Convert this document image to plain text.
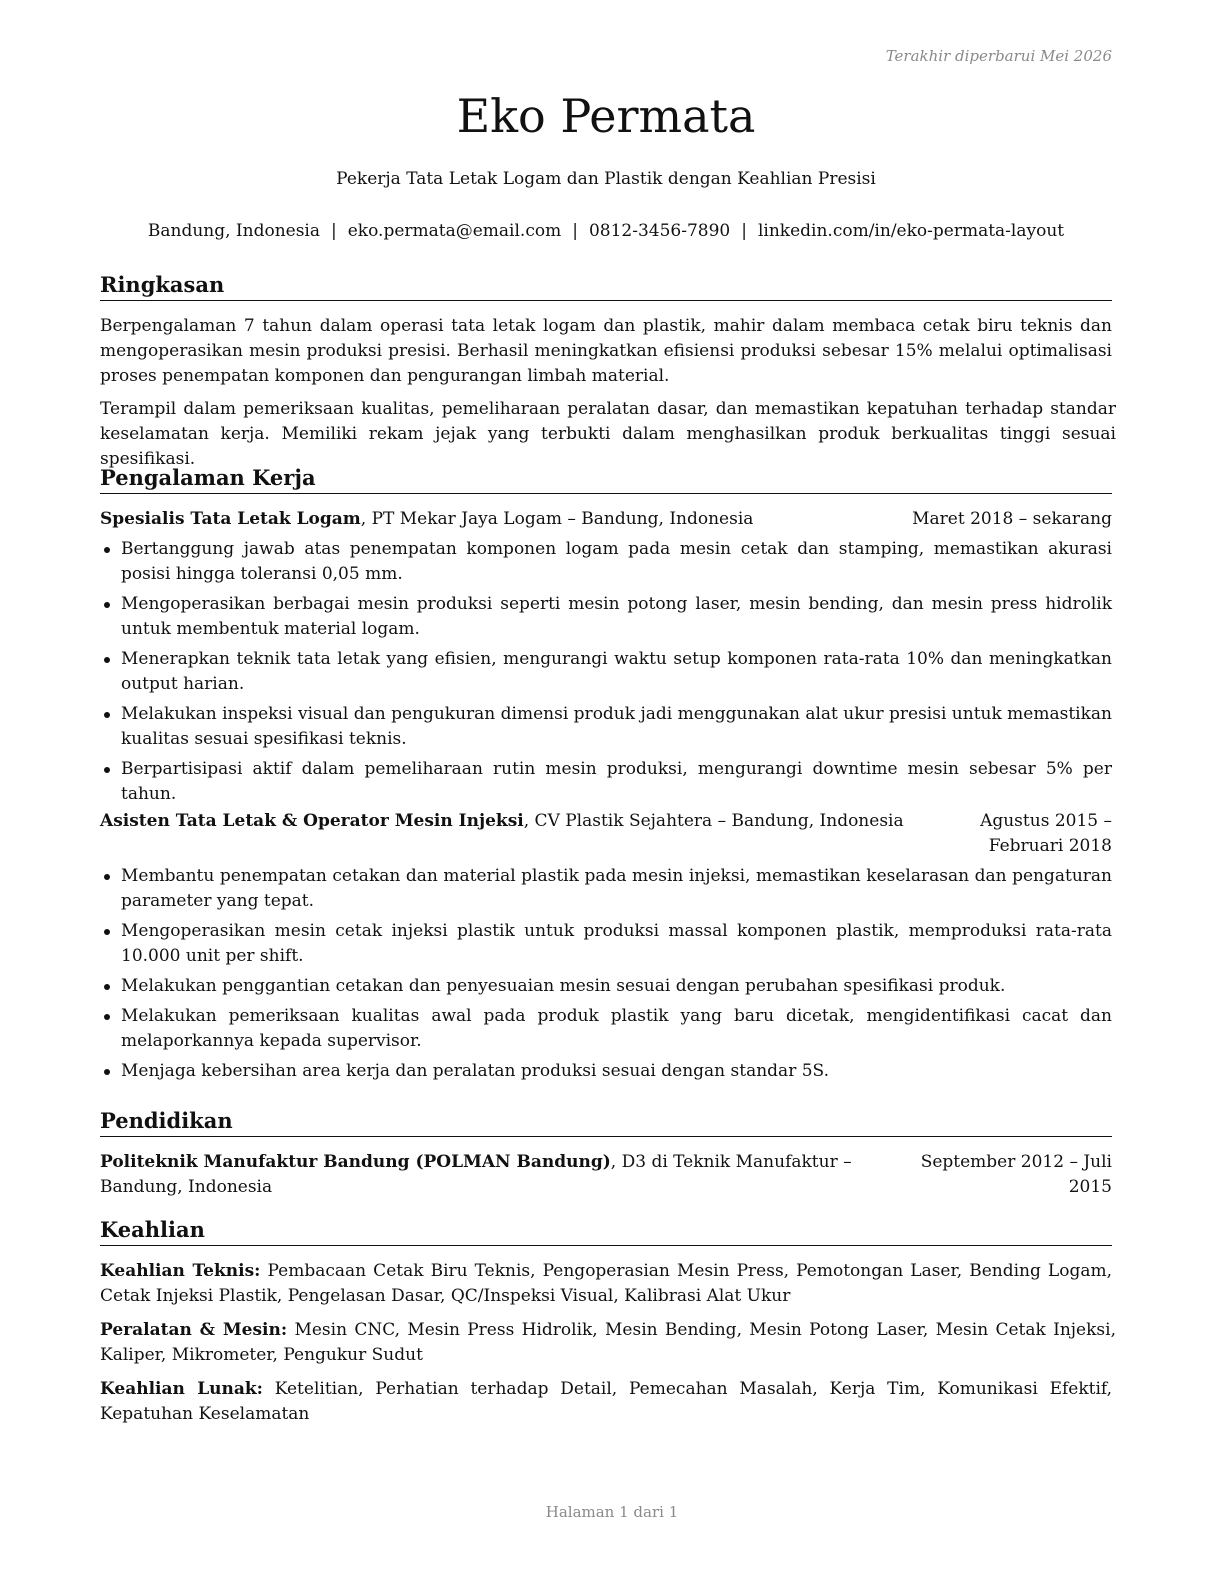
Terakhir diperbarui Mei 2026
Eko Permata
Pekerja Tata Letak Logam dan Plastik dengan Keahlian Presisi
Bandung, Indonesia | eko.permata@email.com | 0812-3456-7890 | linkedin.com/in/eko-permata-layout
Ringkasan

Berpengalaman 7 tahun dalam operasi tata letak logam dan plastik, mahir dalam membaca cetak biru teknis dan mengoperasikan mesin produksi presisi. Berhasil meningkatkan efisiensi produksi sebesar 15% melalui optimalisasi proses penempatan komponen dan pengurangan limbah material.

Terampil dalam pemeriksaan kualitas, pemeliharaan peralatan dasar, dan memastikan kepatuhan terhadap standar keselamatan kerja. Memiliki rekam jejak yang terbukti dalam menghasilkan produk berkualitas tinggi sesuai spesifikasi.

Pengalaman Kerja
Spesialis Tata Letak Logam, PT Mekar Jaya Logam – Bandung, Indonesia	Maret 2018 – sekarang
Bertanggung jawab atas penempatan komponen logam pada mesin cetak dan stamping, memastikan akurasi posisi hingga toleransi 0,05 mm.
Mengoperasikan berbagai mesin produksi seperti mesin potong laser, mesin bending, dan mesin press hidrolik untuk membentuk material logam.
Menerapkan teknik tata letak yang efisien, mengurangi waktu setup komponen rata-rata 10% dan meningkatkan output harian.
Melakukan inspeksi visual dan pengukuran dimensi produk jadi menggunakan alat ukur presisi untuk memastikan kualitas sesuai spesifikasi teknis.
Berpartisipasi aktif dalam pemeliharaan rutin mesin produksi, mengurangi downtime mesin sebesar 5% per tahun.
Asisten Tata Letak & Operator Mesin Injeksi, CV Plastik Sejahtera – Bandung, Indonesia	Agustus 2015 – Februari 2018
Membantu penempatan cetakan dan material plastik pada mesin injeksi, memastikan keselarasan dan pengaturan parameter yang tepat.
Mengoperasikan mesin cetak injeksi plastik untuk produksi massal komponen plastik, memproduksi rata-rata 10.000 unit per shift.
Melakukan penggantian cetakan dan penyesuaian mesin sesuai dengan perubahan spesifikasi produk.
Melakukan pemeriksaan kualitas awal pada produk plastik yang baru dicetak, mengidentifikasi cacat dan melaporkannya kepada supervisor.
Menjaga kebersihan area kerja dan peralatan produksi sesuai dengan standar 5S.
Pendidikan
Politeknik Manufaktur Bandung (POLMAN Bandung), D3 di Teknik Manufaktur – Bandung, Indonesia
September 2012 – Juli 2015
Keahlian

Keahlian Teknis: Pembacaan Cetak Biru Teknis, Pengoperasian Mesin Press, Pemotongan Laser, Bending Logam, Cetak Injeksi Plastik, Pengelasan Dasar, QC/Inspeksi Visual, Kalibrasi Alat Ukur

Peralatan & Mesin: Mesin CNC, Mesin Press Hidrolik, Mesin Bending, Mesin Potong Laser, Mesin Cetak Injeksi, Kaliper, Mikrometer, Pengukur Sudut

Keahlian Lunak: Ketelitian, Perhatian terhadap Detail, Pemecahan Masalah, Kerja Tim, Komunikasi Efektif, Kepatuhan Keselamatan

Halaman 1 dari 1
